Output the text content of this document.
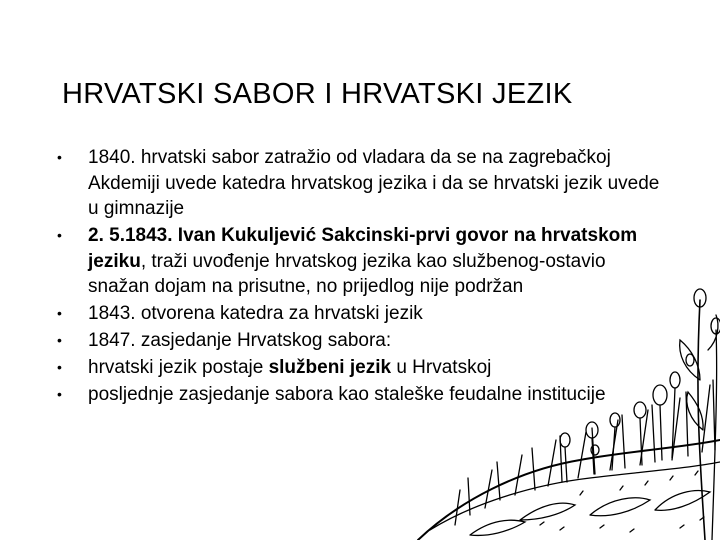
HRVATSKI SABOR I HRVATSKI JEZIK
• 1840. hrvatski sabor zatražio od vladara da se na zagrebačkoj Akdemiji uvede katedra hrvatskog jezika i da se hrvatski jezik uvede u gimnazije
• 2. 5.1843. Ivan Kukuljević Sakcinski-prvi govor na hrvatskom jeziku, traži uvođenje hrvatskog jezika kao službenog-ostavio snažan dojam na prisutne, no prijedlog nije podržan
• 1843. otvorena katedra za hrvatski jezik
• 1847. zasjedanje Hrvatskog sabora:
• hrvatski jezik postaje službeni jezik u Hrvatskoj
• posljednje zasjedanje sabora kao staleške feudalne institucije
